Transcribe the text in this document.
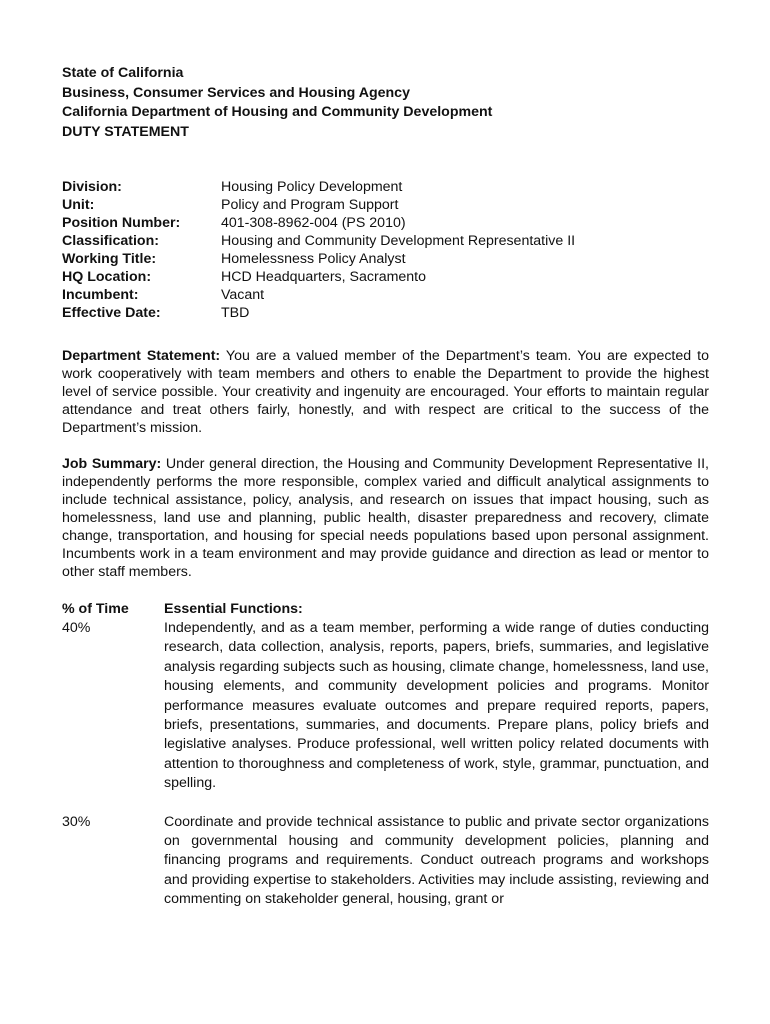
State of California

Business, Consumer Services and Housing Agency

California Department of Housing and Community Development

DUTY STATEMENT

Division:	Housing Policy Development
Unit:	Policy and Program Support
Position Number:	401-308-8962-004 (PS 2010)
Classification:	Housing and Community Development Representative II
Working Title:	Homelessness Policy Analyst
HQ Location:	HCD Headquarters, Sacramento
Incumbent:	Vacant
Effective Date:	TBD

Department Statement: You are a valued member of the Department’s team. You are expected to work cooperatively with team members and others to enable the Department to provide the highest level of service possible. Your creativity and ingenuity are encouraged. Your efforts to maintain regular attendance and treat others fairly, honestly, and with respect are critical to the success of the Department’s mission.

Job Summary: Under general direction, the Housing and Community Development Representative II, independently performs the more responsible, complex varied and difficult analytical assignments to include technical assistance, policy, analysis, and research on issues that impact housing, such as homelessness, land use and planning, public health, disaster preparedness and recovery, climate change, transportation, and housing for special needs populations based upon personal assignment. Incumbents work in a team environment and may provide guidance and direction as lead or mentor to other staff members.

% of Time	Essential Functions:
40%	Independently, and as a team member, performing a wide range of duties conducting research, data collection, analysis, reports, papers, briefs, summaries, and legislative analysis regarding subjects such as housing, climate change, homelessness, land use, housing elements, and community development policies and programs. Monitor performance measures evaluate outcomes and prepare required reports, papers, briefs, presentations, summaries, and documents. Prepare plans, policy briefs and legislative analyses. Produce professional, well written policy related documents with attention to thoroughness and completeness of work, style, grammar, punctuation, and spelling.
30%	Coordinate and provide technical assistance to public and private sector organizations on governmental housing and community development policies, planning and financing programs and requirements. Conduct outreach programs and workshops and providing expertise to stakeholders. Activities may include assisting, reviewing and commenting on stakeholder general, housing, grant or
